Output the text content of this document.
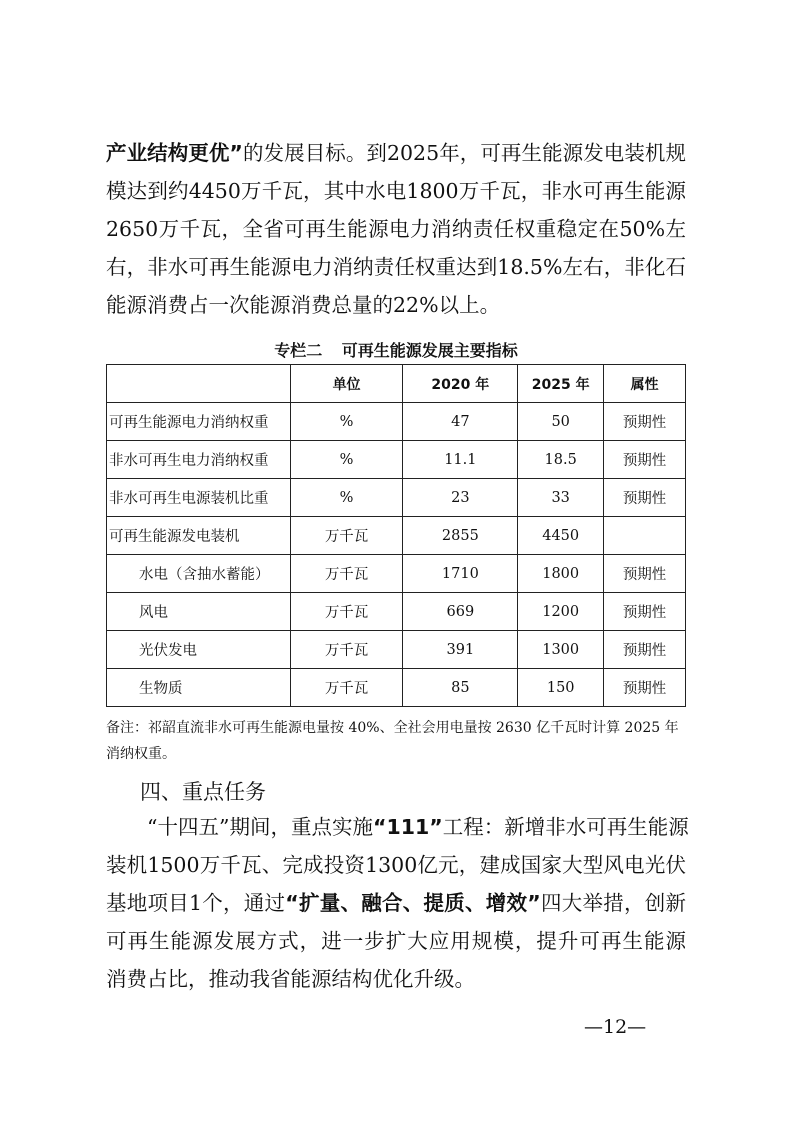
产业结构更优”的发展目标。到2025年，可再生能源发电装机规
模达到约4450万千瓦，其中水电1800万千瓦，非水可再生能源
2650万千瓦，全省可再生能源电力消纳责任权重稳定在50%左
右，非水可再生能源电力消纳责任权重达到18.5%左右，非化石
能源消费占一次能源消费总量的22%以上。
专栏二 可再生能源发展主要指标
	单位	2020 年	2025 年	属性
可再生能源电力消纳权重	%	47	50	预期性
非水可再生电力消纳权重	%	11.1	18.5	预期性
非水可再生电源装机比重	%	23	33	预期性
可再生能源发电装机	万千瓦	2855	4450	
水电（含抽水蓄能）	万千瓦	1710	1800	预期性
风电	万千瓦	669	1200	预期性
光伏发电	万千瓦	391	1300	预期性
生物质	万千瓦	85	150	预期性
备注：祁韶直流非水可再生能源电量按 40%、全社会用电量按 2630 亿千瓦时计算 2025 年消纳权重。
四、重点任务
“十四五”期间，重点实施“111”工程：新增非水可再生能源
装机1500万千瓦、完成投资1300亿元，建成国家大型风电光伏
基地项目1个，通过“扩量、融合、提质、增效”四大举措，创新
可再生能源发展方式，进一步扩大应用规模，提升可再生能源
消费占比，推动我省能源结构优化升级。
—12—
